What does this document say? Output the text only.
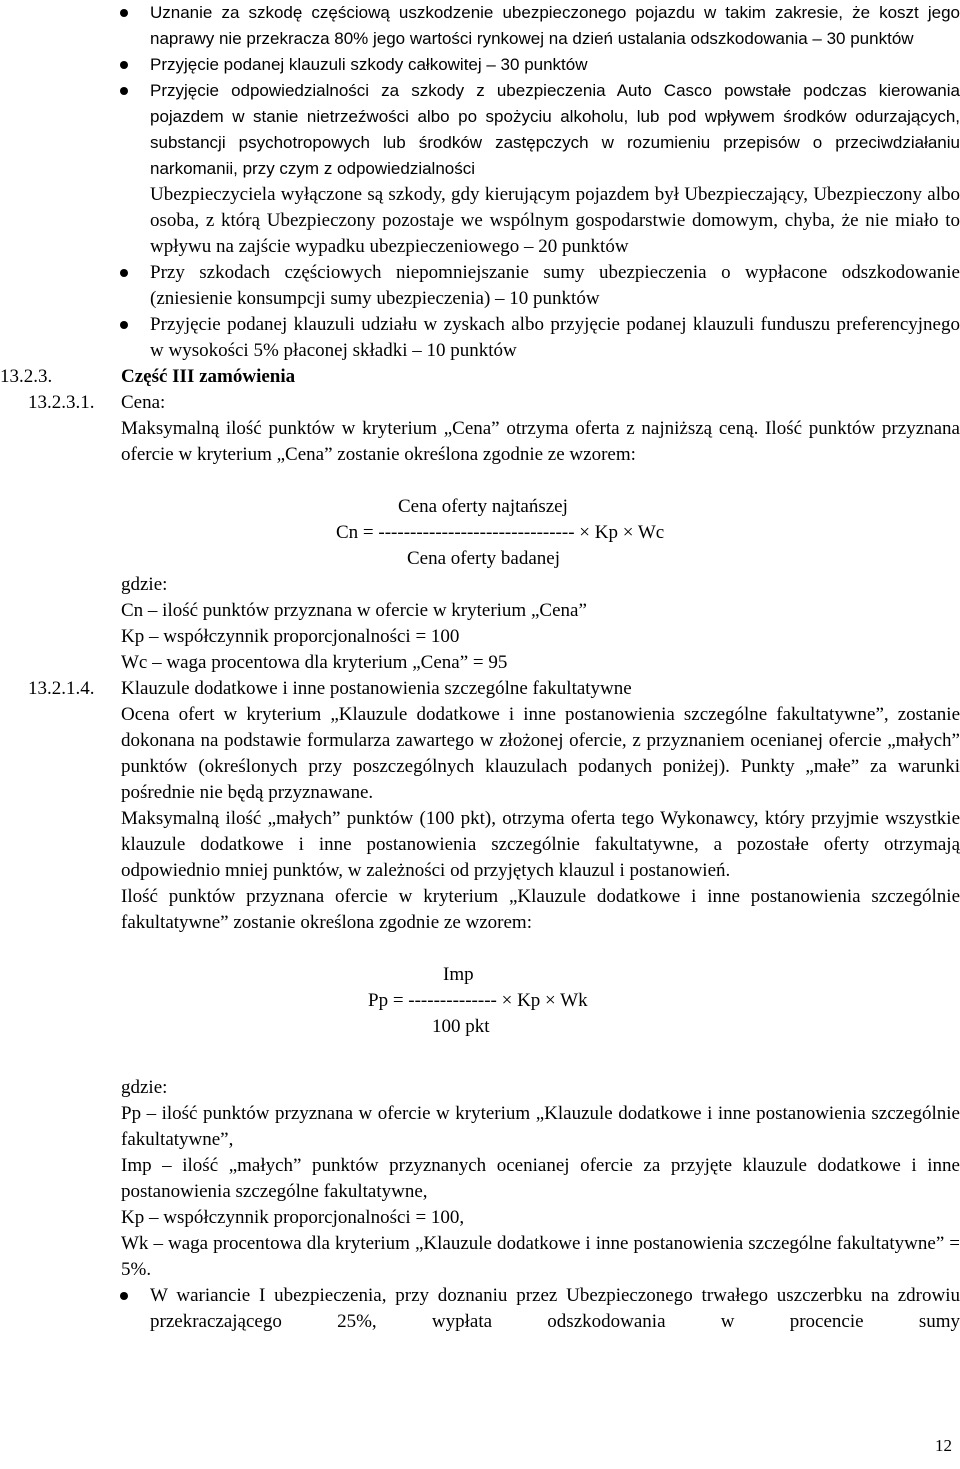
Uznanie za szkodę częściową uszkodzenie ubezpieczonego pojazdu w takim zakresie, że koszt jego naprawy nie przekracza 80% jego wartości rynkowej na dzień ustalania odszkodowania – 30 punktów
Przyjęcie podanej klauzuli szkody całkowitej – 30 punktów
Przyjęcie odpowiedzialności za szkody z ubezpieczenia Auto Casco powstałe podczas kierowania pojazdem w stanie nietrzeźwości albo po spożyciu alkoholu, lub pod wpływem środków odurzających, substancji psychotropowych lub środków zastępczych w rozumieniu przepisów o przeciwdziałaniu narkomanii, przy czym z odpowiedzialności
Ubezpieczyciela wyłączone są szkody, gdy kierującym pojazdem był Ubezpieczający, Ubezpieczony albo osoba, z którą Ubezpieczony pozostaje we wspólnym gospodarstwie domowym, chyba, że nie miało to wpływu na zajście wypadku ubezpieczeniowego – 20 punktów
Przy szkodach częściowych niepomniejszanie sumy ubezpieczenia o wypłacone odszkodowanie (zniesienie konsumpcji sumy ubezpieczenia) – 10 punktów
Przyjęcie podanej klauzuli udziału w zyskach albo przyjęcie podanej klauzuli funduszu preferencyjnego w wysokości 5% płaconej składki – 10 punktów
13.2.3.	Część III zamówienia
13.2.3.1. Cena:
Maksymalną ilość punktów w kryterium „Cena” otrzyma oferta z najniższą ceną. Ilość punktów przyznana ofercie w kryterium „Cena” zostanie określona zgodnie ze wzorem:
Cena oferty najtańszej
Cn = ------------------------------- × Kp × Wc
Cena oferty badanej
gdzie:
Cn – ilość punktów przyznana w ofercie w kryterium „Cena”
Kp – współczynnik proporcjonalności = 100
Wc – waga procentowa dla kryterium „Cena” = 95
13.2.1.4. Klauzule dodatkowe i inne postanowienia szczególne fakultatywne
Ocena ofert w kryterium „Klauzule dodatkowe i inne postanowienia szczególne fakultatywne”, zostanie dokonana na podstawie formularza zawartego w złożonej ofercie, z przyznaniem ocenianej ofercie „małych” punktów (określonych przy poszczególnych klauzulach podanych poniżej). Punkty „małe” za warunki pośrednie nie będą przyznawane.
Maksymalną ilość „małych” punktów (100 pkt), otrzyma oferta tego Wykonawcy, który przyjmie wszystkie klauzule dodatkowe i inne postanowienia szczególnie fakultatywne, a pozostałe oferty otrzymają odpowiednio mniej punktów, w zależności od przyjętych klauzul i postanowień.
Ilość punktów przyznana ofercie w kryterium „Klauzule dodatkowe i inne postanowienia szczególnie fakultatywne” zostanie określona zgodnie ze wzorem:
Imp
Pp = -------------- × Kp × Wk
100 pkt
gdzie:
Pp – ilość punktów przyznana w ofercie w kryterium „Klauzule dodatkowe i inne postanowienia szczególnie fakultatywne”,
Imp – ilość „małych” punktów przyznanych ocenianej ofercie za przyjęte klauzule dodatkowe i inne postanowienia szczególne fakultatywne,
Kp – współczynnik proporcjonalności = 100,
Wk – waga procentowa dla kryterium „Klauzule dodatkowe i inne postanowienia szczególne fakultatywne” = 5%.
W wariancie I ubezpieczenia, przy doznaniu przez Ubezpieczonego trwałego uszczerbku na zdrowiu przekraczającego 25%, wypłata odszkodowania w procencie sumy
12
